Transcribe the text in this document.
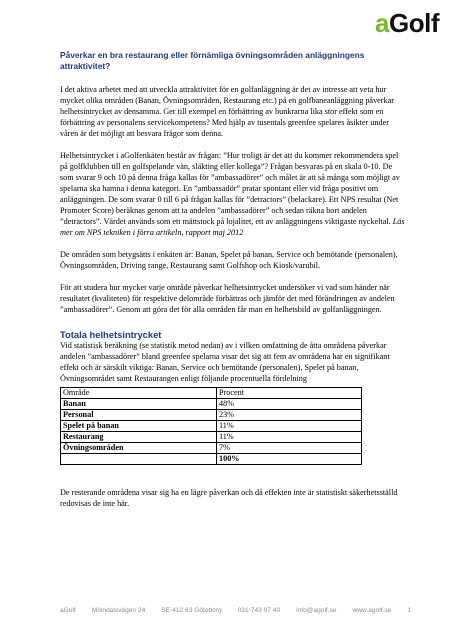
aGolf

Påverkar en bra restaurang eller förnämliga övningsområden anläggningens attraktivitet?

I det aktiva arbetet med att utveckla attraktivitet för en golfanläggning är det av intresse att veta hur mycket olika områden (Banan, Övningsområden, Restaurang etc.) på en golfbaneanläggning påverkar helhetsintrycket av densamma. Ger till exempel en förbättring av bunkrarna lika stor effekt som en förbättring av personalens servicekompetens? Med hjälp av tusentals greenfee spelares åsikter under våren är det möjligt att besvara frågor som denna.

Helhetsintrycket i aGolfenkäten består av frågan: ”Hur troligt är det att du kommer rekommendera spel på golfklubben till en golfspelande vän, släkting eller kollega”? Frågan besvaras på en skala 0-10. De som svarar 9 och 10 på denna fråga kallas för ”ambassadörer” och målet är att så många som möjligt av spelarna ska hamna i denna kategori. En ”ambassadör” pratar spontant eller vid fråga positivt om anläggningen. De som svarar 0 till 6 på frågan kallas för ”detractors” (belackare). Ett NPS resultat (Net Promoter Score) beräknas genom att ta andelen ”ambassadörer” och sedan räkna bort andelen ”detractors”. Värdet används som ett mättstock på lojalitet, ett av anläggningens viktigaste nyckeltal. Läs mer om NPS tekniken i förra artikeln, rapport maj 2012

De områden som betygsätts i enkäten är: Banan, Spelet på banan, Service och bemötande (personalen), Övningsområden, Driving range, Restaurang samt Golfshop och Kiosk/varubil.

För att studera hur mycket varje område påverkar helhetsintrycket undersöker vi vad som händer när resultatet (kvaliteten) för respektive delområde förbättras och jämför det med förändringen av andelen ”ambassadörer”. Genom att göra det för alla områden får man en helhetsbild av golfanläggningen.

Totala helhetsintrycket

Vid statistisk beräkning (se statistik metod nedan) av i vilken omfattning de åtta områdena påverkar andelen ”ambassadörer” bland greenfee spelarna visar det sig att fem av områdena har en signifikant effekt och är särskilt viktiga: Banan, Service och bemötande (personalen), Spelet på banan, Övningsområdet samt Restaurangen enligt följande procentuella fördelning

Område	Procent
Banan	48%
Personal	23%
Spelet på banan	11%
Restaurang	11%
Övningsområden	7%
	100%

De resterande områdena visar sig ha en lägre påverkan och då effekten inte är statistiskt säkerhetsställd redovisas de inte här.

aGolf Mölndalsvägen 24 SE-412 63 Göteborg 031-743 07 40 info@agolf.se www.agolf.se 1
